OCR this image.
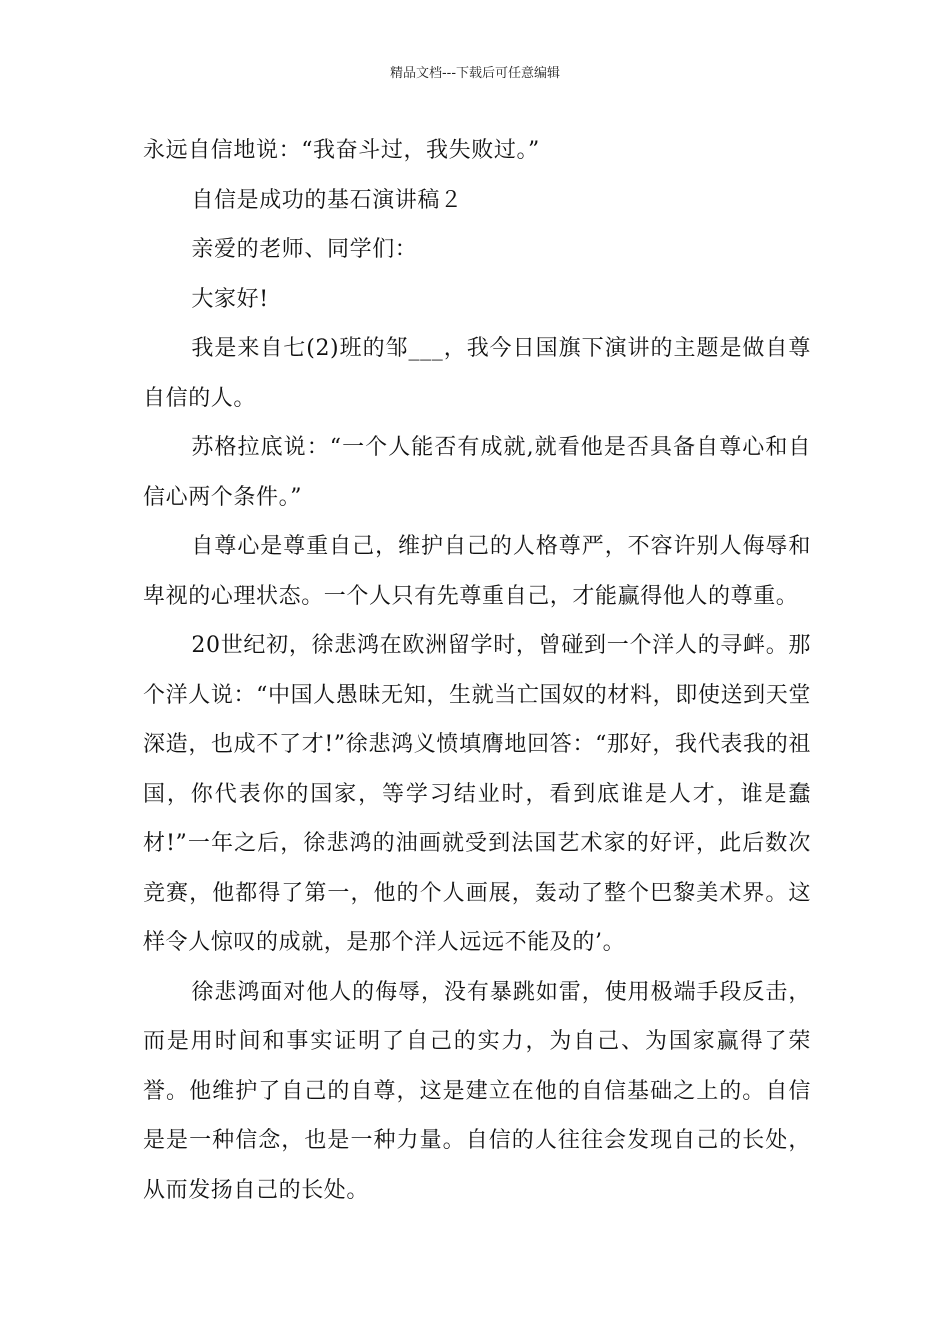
精品文档---下载后可任意编辑

永远自信地说：“我奋斗过，我失败过。”

自信是成功的基石演讲稿２

亲爱的老师、同学们：

大家好!

我是来自七(2)班的邹___，我今日国旗下演讲的主题是做自尊自信的人。

苏格拉底说：“一个人能否有成就,就看他是否具备自尊心和自信心两个条件。”

自尊心是尊重自己，维护自己的人格尊严，不容许别人侮辱和卑视的心理状态。一个人只有先尊重自己，才能赢得他人的尊重。

20世纪初，徐悲鸿在欧洲留学时，曾碰到一个洋人的寻衅。那个洋人说：“中国人愚昧无知，生就当亡国奴的材料，即使送到天堂深造，也成不了才!”徐悲鸿义愤填膺地回答：“那好，我代表我的祖国，你代表你的国家，等学习结业时，看到底谁是人才，谁是蠢材!”一年之后，徐悲鸿的油画就受到法国艺术家的好评，此后数次竞赛，他都得了第一，他的个人画展，轰动了整个巴黎美术界。这样令人惊叹的成就，是那个洋人远远不能及的’。

徐悲鸿面对他人的侮辱，没有暴跳如雷，使用极端手段反击，而是用时间和事实证明了自己的实力，为自己、为国家赢得了荣誉。他维护了自己的自尊，这是建立在他的自信基础之上的。自信是是一种信念，也是一种力量。自信的人往往会发现自己的长处，从而发扬自己的长处。
